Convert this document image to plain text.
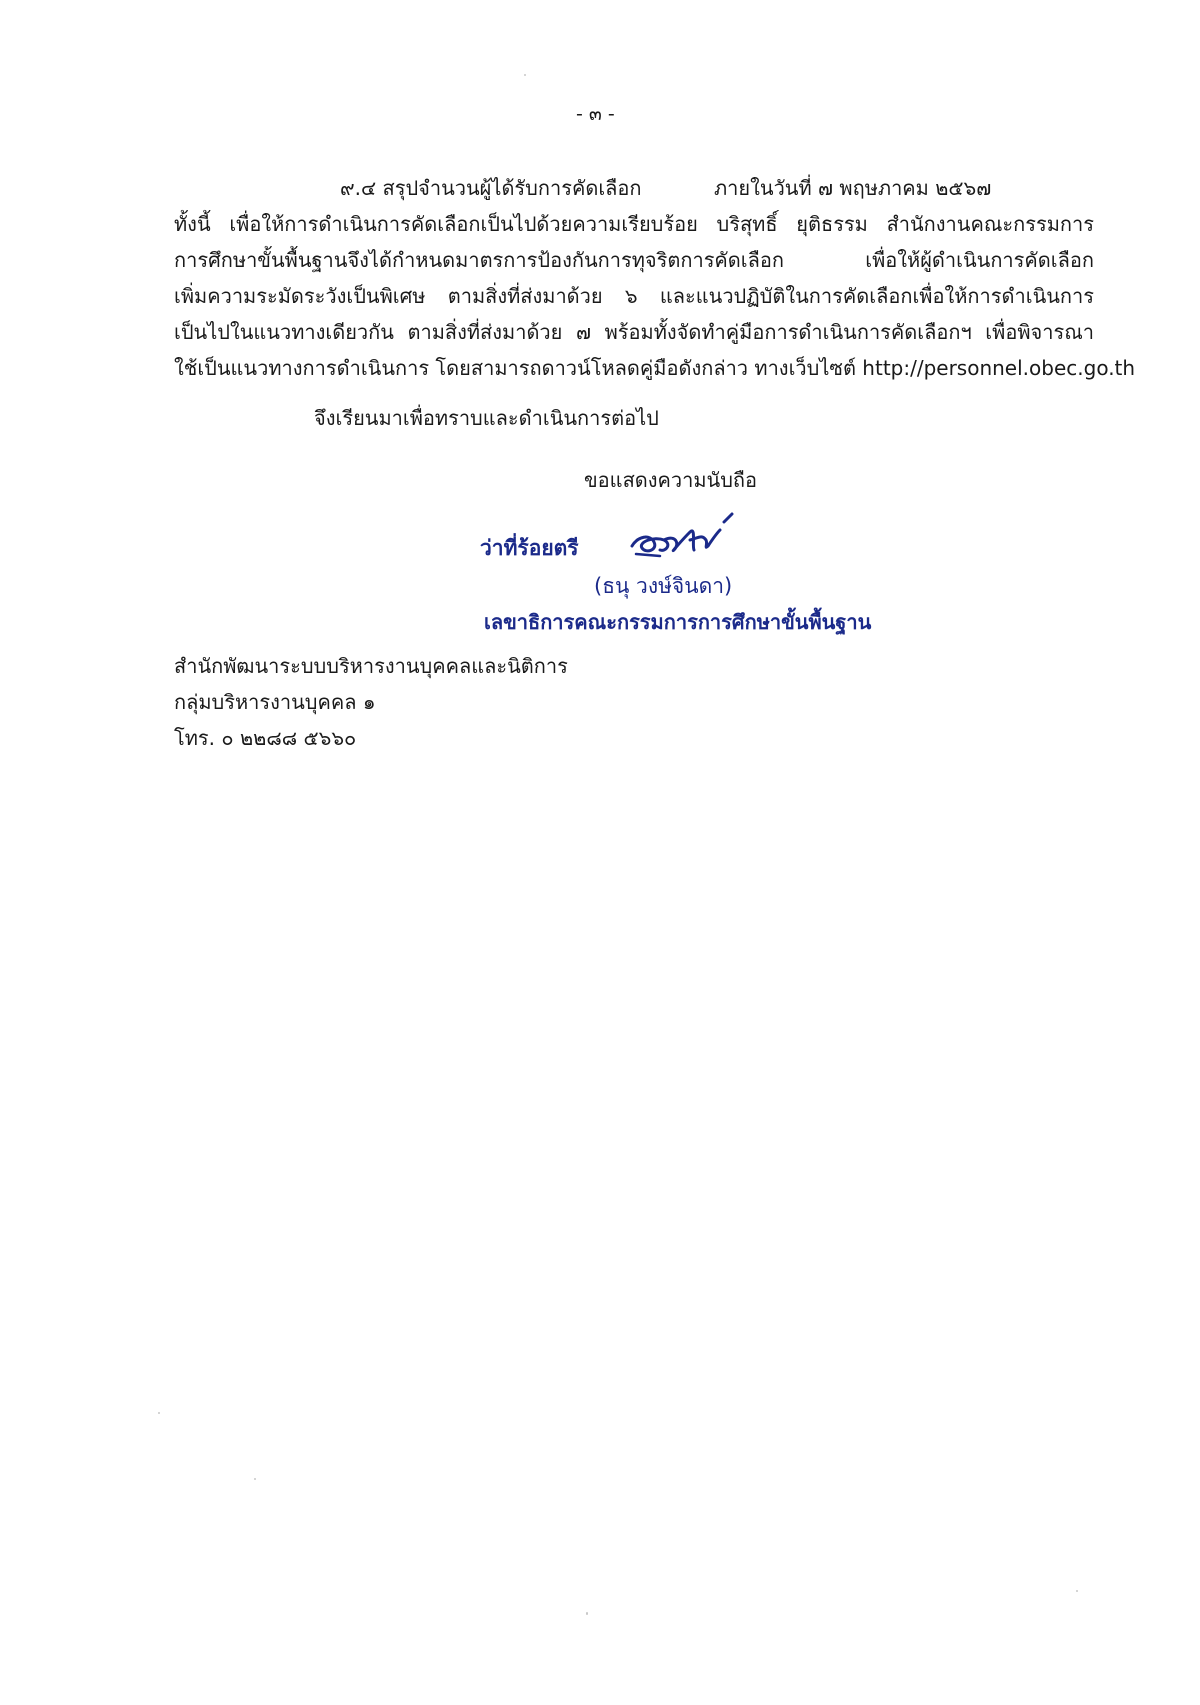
- ๓ -
๙.๔ สรุปจำนวนผู้ได้รับการคัดเลือก	ภายในวันที่ ๗ พฤษภาคม ๒๕๖๗
ทั้งนี้ เพื่อให้การดำเนินการคัดเลือกเป็นไปด้วยความเรียบร้อย บริสุทธิ์ ยุติธรรม สำนักงานคณะกรรมการ
การศึกษาขั้นพื้นฐานจึงได้กำหนดมาตรการป้องกันการทุจริตการคัดเลือก เพื่อให้ผู้ดำเนินการคัดเลือก
เพิ่มความระมัดระวังเป็นพิเศษ ตามสิ่งที่ส่งมาด้วย ๖ และแนวปฏิบัติในการคัดเลือกเพื่อให้การดำเนินการ
เป็นไปในแนวทางเดียวกัน ตามสิ่งที่ส่งมาด้วย ๗ พร้อมทั้งจัดทำคู่มือการดำเนินการคัดเลือกฯ เพื่อพิจารณา
ใช้เป็นแนวทางการดำเนินการ โดยสามารถดาวน์โหลดคู่มือดังกล่าว ทางเว็บไซต์ http://personnel.obec.go.th
จึงเรียนมาเพื่อทราบและดำเนินการต่อไป
ขอแสดงความนับถือ
ว่าที่ร้อยตรี
(ธนุ วงษ์จินดา)
เลขาธิการคณะกรรมการการศึกษาขั้นพื้นฐาน
สำนักพัฒนาระบบบริหารงานบุคคลและนิติการ
กลุ่มบริหารงานบุคคล ๑
โทร. ๐ ๒๒๘๘ ๕๖๖๐
